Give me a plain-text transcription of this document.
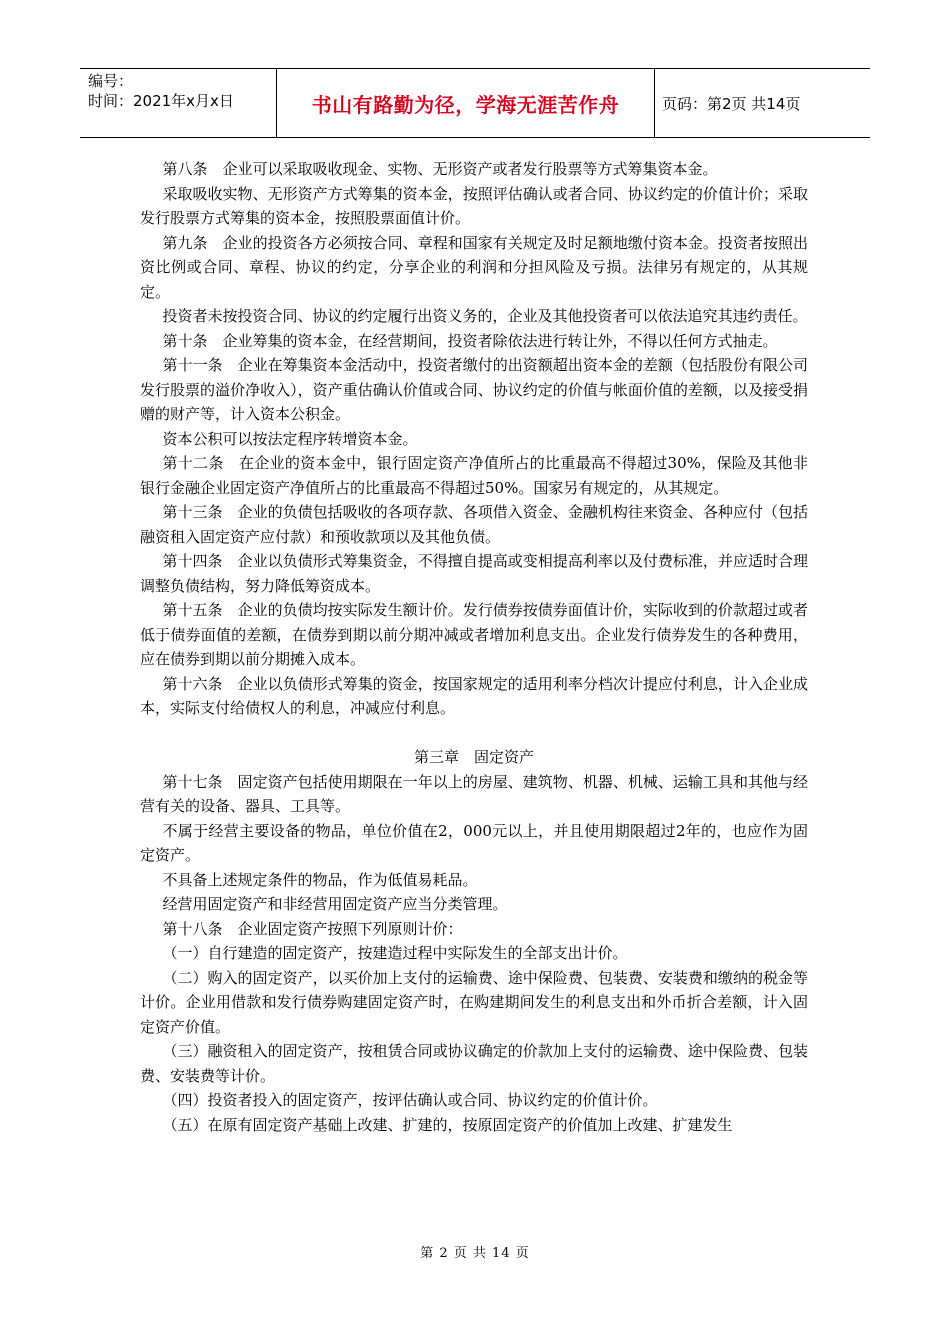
编号：
时间：2021年x月x日	书山有路勤为径，学海无涯苦作舟	页码：第2页 共14页

第八条　企业可以采取吸收现金、实物、无形资产或者发行股票等方式筹集资本金。

采取吸收实物、无形资产方式筹集的资本金，按照评估确认或者合同、协议约定的价值计价；采取发行股票方式筹集的资本金，按照股票面值计价。

第九条　企业的投资各方必须按合同、章程和国家有关规定及时足额地缴付资本金。投资者按照出资比例或合同、章程、协议的约定，分享企业的利润和分担风险及亏损。法律另有规定的，从其规定。

投资者未按投资合同、协议的约定履行出资义务的，企业及其他投资者可以依法追究其违约责任。

第十条　企业筹集的资本金，在经营期间，投资者除依法进行转让外，不得以任何方式抽走。

第十一条　企业在筹集资本金活动中，投资者缴付的出资额超出资本金的差额（包括股份有限公司发行股票的溢价净收入），资产重估确认价值或合同、协议约定的价值与帐面价值的差额，以及接受捐赠的财产等，计入资本公积金。

资本公积可以按法定程序转增资本金。

第十二条　在企业的资本金中，银行固定资产净值所占的比重最高不得超过30%，保险及其他非银行金融企业固定资产净值所占的比重最高不得超过50%。国家另有规定的，从其规定。

第十三条　企业的负债包括吸收的各项存款、各项借入资金、金融机构往来资金、各种应付（包括融资租入固定资产应付款）和预收款项以及其他负债。

第十四条　企业以负债形式筹集资金，不得擅自提高或变相提高利率以及付费标准，并应适时合理调整负债结构，努力降低筹资成本。

第十五条　企业的负债均按实际发生额计价。发行债券按债券面值计价，实际收到的价款超过或者低于债券面值的差额，在债券到期以前分期冲减或者增加利息支出。企业发行债券发生的各种费用，应在债券到期以前分期摊入成本。

第十六条　企业以负债形式筹集的资金，按国家规定的适用利率分档次计提应付利息，计入企业成本，实际支付给债权人的利息，冲减应付利息。

第三章　固定资产

第十七条　固定资产包括使用期限在一年以上的房屋、建筑物、机器、机械、运输工具和其他与经营有关的设备、器具、工具等。

不属于经营主要设备的物品，单位价值在2，000元以上，并且使用期限超过2年的，也应作为固定资产。

不具备上述规定条件的物品，作为低值易耗品。

经营用固定资产和非经营用固定资产应当分类管理。

第十八条　企业固定资产按照下列原则计价：

（一）自行建造的固定资产，按建造过程中实际发生的全部支出计价。

（二）购入的固定资产，以买价加上支付的运输费、途中保险费、包装费、安装费和缴纳的税金等计价。企业用借款和发行债券购建固定资产时，在购建期间发生的利息支出和外币折合差额，计入固定资产价值。

（三）融资租入的固定资产，按租赁合同或协议确定的价款加上支付的运输费、途中保险费、包装费、安装费等计价。

（四）投资者投入的固定资产，按评估确认或合同、协议约定的价值计价。

（五）在原有固定资产基础上改建、扩建的，按原固定资产的价值加上改建、扩建发生

第 2 页 共 14 页
